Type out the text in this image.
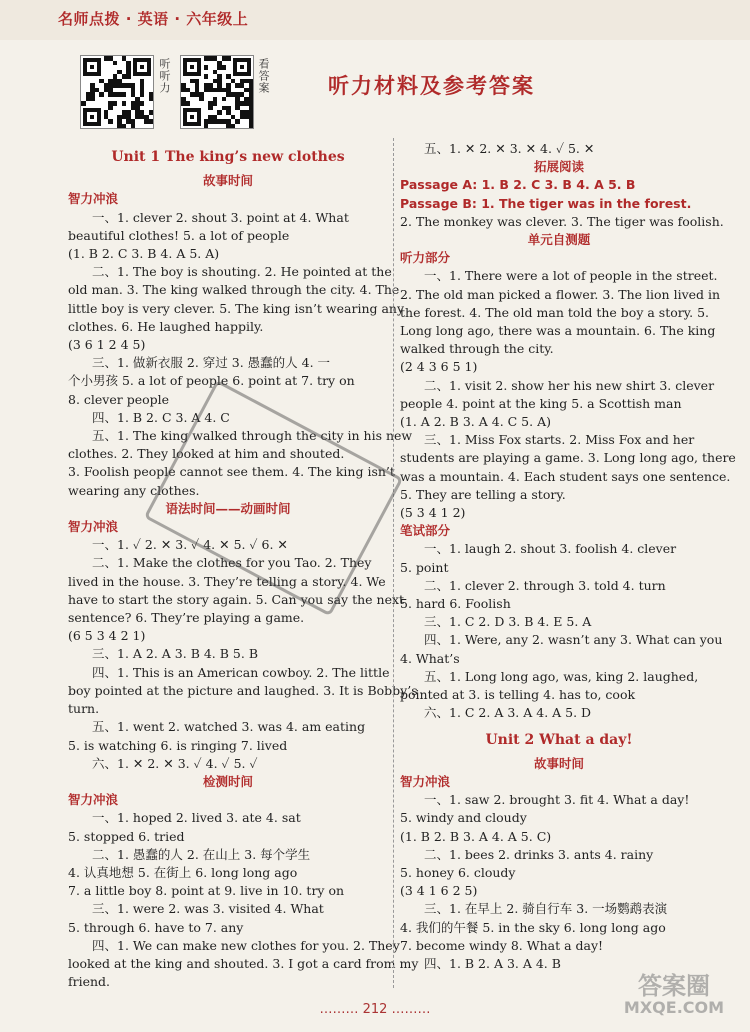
名师点拨 · 英语 · 六年级上
听听力	看答案	听力材料及参考答案
Unit 1 The king’s new clothes
故事时间
智力冲浪
一、1. clever 2. shout 3. point at 4. What
beautiful clothes! 5. a lot of people
(1. B 2. C 3. B 4. A 5. A)
二、1. The boy is shouting. 2. He pointed at the
old man. 3. The king walked through the city. 4. The
little boy is very clever. 5. The king isn’t wearing any
clothes. 6. He laughed happily.
(3 6 1 2 4 5)
三、1. 做新衣服 2. 穿过 3. 愚蠢的人 4. 一
个小男孩 5. a lot of people 6. point at 7. try on
8. clever people
四、1. B 2. C 3. A 4. C
五、1. The king walked through the city in his new
clothes. 2. They looked at him and shouted.
3. Foolish people cannot see them. 4. The king isn’t
wearing any clothes.
语法时间——动画时间
智力冲浪
一、1. ✓ 2. ✕ 3. ✓ 4. ✕ 5. ✓ 6. ✕
二、1. Make the clothes for you Tao. 2. They
lived in the house. 3. They’re telling a story. 4. We
have to start the story again. 5. Can you say the next
sentence? 6. They’re playing a game.
(6 5 3 4 2 1)
三、1. A 2. A 3. B 4. B 5. B
四、1. This is an American cowboy. 2. The little
boy pointed at the picture and laughed. 3. It is Bobby’s
turn.
五、1. went 2. watched 3. was 4. am eating
5. is watching 6. is ringing 7. lived
六、1. ✕ 2. ✕ 3. ✓ 4. ✓ 5. ✓
检测时间
智力冲浪
一、1. hoped 2. lived 3. ate 4. sat
5. stopped 6. tried
二、1. 愚蠢的人 2. 在山上 3. 每个学生
4. 认真地想 5. 在街上 6. long long ago
7. a little boy 8. point at 9. live in 10. try on
三、1. were 2. was 3. visited 4. What
5. through 6. have to 7. any
四、1. We can make new clothes for you. 2. They
looked at the king and shouted. 3. I got a card from my
friend.
五、1. ✕ 2. ✕ 3. ✕ 4. ✓ 5. ✕
拓展阅读
Passage A: 1. B 2. C 3. B 4. A 5. B
Passage B: 1. The tiger was in the forest.
2. The monkey was clever. 3. The tiger was foolish.
单元自测题
听力部分
一、1. There were a lot of people in the street.
2. The old man picked a flower. 3. The lion lived in
the forest. 4. The old man told the boy a story. 5.
Long long ago, there was a mountain. 6. The king
walked through the city.
(2 4 3 6 5 1)
二、1. visit 2. show her his new shirt 3. clever
people 4. point at the king 5. a Scottish man
(1. A 2. B 3. A 4. C 5. A)
三、1. Miss Fox starts. 2. Miss Fox and her
students are playing a game. 3. Long long ago, there
was a mountain. 4. Each student says one sentence.
5. They are telling a story.
(5 3 4 1 2)
笔试部分
一、1. laugh 2. shout 3. foolish 4. clever
5. point
二、1. clever 2. through 3. told 4. turn
5. hard 6. Foolish
三、1. C 2. D 3. B 4. E 5. A
四、1. Were, any 2. wasn’t any 3. What can you
4. What’s
五、1. Long long ago, was, king 2. laughed,
pointed at 3. is telling 4. has to, cook
六、1. C 2. A 3. A 4. A 5. D
Unit 2 What a day!
故事时间
智力冲浪
一、1. saw 2. brought 3. fit 4. What a day!
5. windy and cloudy
(1. B 2. B 3. A 4. A 5. C)
二、1. bees 2. drinks 3. ants 4. rainy
5. honey 6. cloudy
(3 4 1 6 2 5)
三、1. 在早上 2. 骑自行车 3. 一场鹦鹉表演
4. 我们的午餐 5. in the sky 6. long long ago
7. become windy 8. What a day!
四、1. B 2. A 3. A 4. B
……… 212 ………
答案圈
MXQE.COM
